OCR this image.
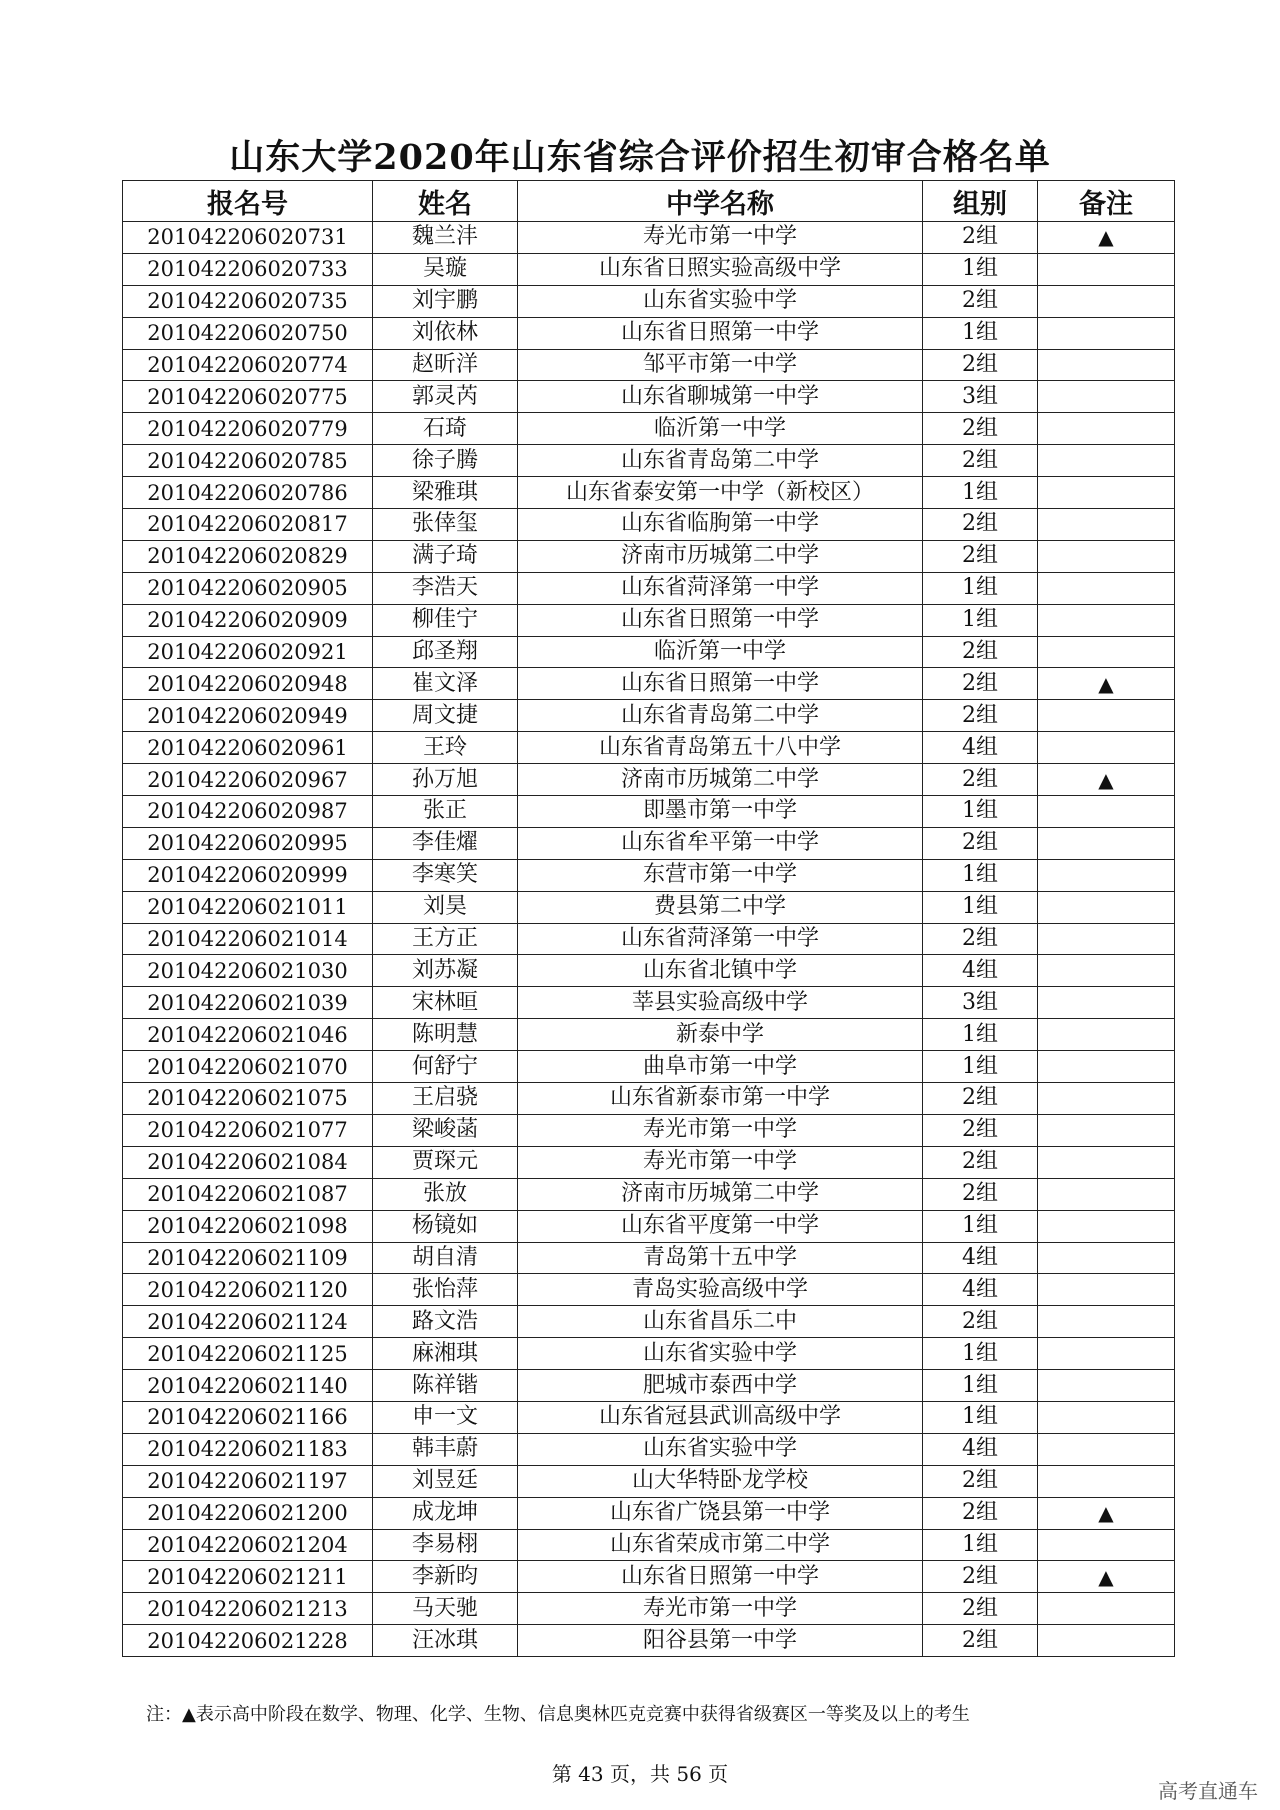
山东大学2020年山东省综合评价招生初审合格名单
报名号	姓名	中学名称	组别	备注
201042206020731	魏兰沣	寿光市第一中学	2组	▲
201042206020733	吴璇	山东省日照实验高级中学	1组	
201042206020735	刘宇鹏	山东省实验中学	2组	
201042206020750	刘依林	山东省日照第一中学	1组	
201042206020774	赵昕洋	邹平市第一中学	2组	
201042206020775	郭灵芮	山东省聊城第一中学	3组	
201042206020779	石琦	临沂第一中学	2组	
201042206020785	徐子腾	山东省青岛第二中学	2组	
201042206020786	梁雅琪	山东省泰安第一中学（新校区）	1组	
201042206020817	张倖玺	山东省临朐第一中学	2组	
201042206020829	满子琦	济南市历城第二中学	2组	
201042206020905	李浩天	山东省菏泽第一中学	1组	
201042206020909	柳佳宁	山东省日照第一中学	1组	
201042206020921	邱圣翔	临沂第一中学	2组	
201042206020948	崔文泽	山东省日照第一中学	2组	▲
201042206020949	周文捷	山东省青岛第二中学	2组	
201042206020961	王玲	山东省青岛第五十八中学	4组	
201042206020967	孙万旭	济南市历城第二中学	2组	▲
201042206020987	张正	即墨市第一中学	1组	
201042206020995	李佳燿	山东省牟平第一中学	2组	
201042206020999	李寒笑	东营市第一中学	1组	
201042206021011	刘昊	费县第二中学	1组	
201042206021014	王方正	山东省菏泽第一中学	2组	
201042206021030	刘苏凝	山东省北镇中学	4组	
201042206021039	宋林晅	莘县实验高级中学	3组	
201042206021046	陈明慧	新泰中学	1组	
201042206021070	何舒宁	曲阜市第一中学	1组	
201042206021075	王启骁	山东省新泰市第一中学	2组	
201042206021077	梁峻菡	寿光市第一中学	2组	
201042206021084	贾琛元	寿光市第一中学	2组	
201042206021087	张放	济南市历城第二中学	2组	
201042206021098	杨镜如	山东省平度第一中学	1组	
201042206021109	胡自清	青岛第十五中学	4组	
201042206021120	张怡萍	青岛实验高级中学	4组	
201042206021124	路文浩	山东省昌乐二中	2组	
201042206021125	麻湘琪	山东省实验中学	1组	
201042206021140	陈祥锴	肥城市泰西中学	1组	
201042206021166	申一文	山东省冠县武训高级中学	1组	
201042206021183	韩丰蔚	山东省实验中学	4组	
201042206021197	刘昱廷	山大华特卧龙学校	2组	
201042206021200	成龙坤	山东省广饶县第一中学	2组	▲
201042206021204	李易栩	山东省荣成市第二中学	1组	
201042206021211	李新昀	山东省日照第一中学	2组	▲
201042206021213	马天驰	寿光市第一中学	2组	
201042206021228	汪冰琪	阳谷县第一中学	2组	
注：▲表示高中阶段在数学、物理、化学、生物、信息奥林匹克竞赛中获得省级赛区一等奖及以上的考生
第 43 页，共 56 页
高考直通车
